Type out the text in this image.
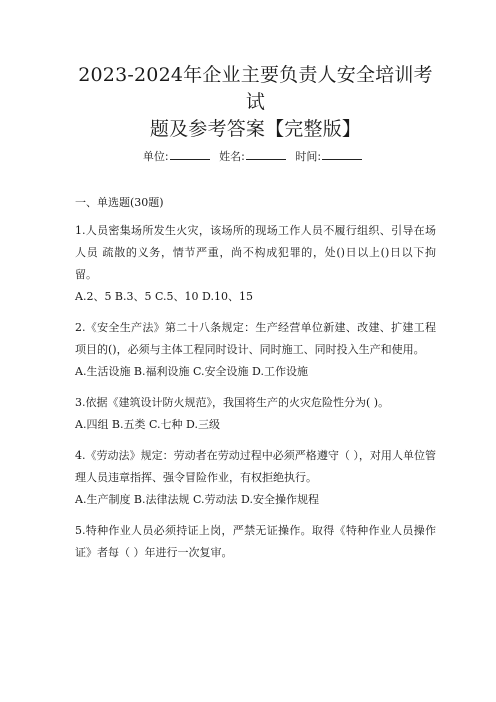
2023-2024年企业主要负责人安全培训考试
题及参考答案【完整版】
单位:	姓名:	时间:
一、单选题(30题)
1.人员密集场所发生火灾，该场所的现场工作人员不履行组织、引导在场人员 疏散的义务，情节严重，尚不构成犯罪的，处()日以上()日以下拘留。
A.2、5 B.3、5 C.5、10 D.10、15
2.《安全生产法》第二十八条规定：生产经营单位新建、改建、扩建工程项目的()，必须与主体工程同时设计、同时施工、同时投入生产和使用。
A.生活设施 B.福利设施 C.安全设施 D.工作设施
3.依据《建筑设计防火规范》，我国将生产的火灾危险性分为( )。
A.四组 B.五类 C.七种 D.三级
4.《劳动法》规定：劳动者在劳动过程中必须严格遵守（ ），对用人单位管理人员违章指挥、强令冒险作业，有权拒绝执行。
A.生产制度 B.法律法规 C.劳动法 D.安全操作规程
5.特种作业人员必须持证上岗，严禁无证操作。取得《特种作业人员操作证》者每（ ）年进行一次复审。
